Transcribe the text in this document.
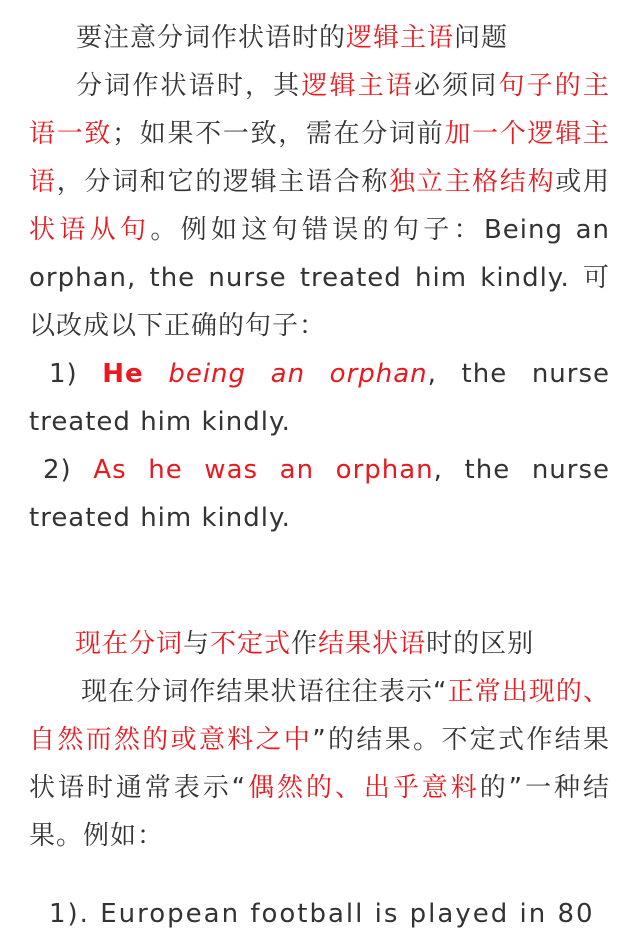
要注意分词作状语时的逻辑主语问题

分词作状语时，其逻辑主语必须同句子的主语一致；如果不一致，需在分词前加一个逻辑主语，分词和它的逻辑主语合称独立主格结构或用状语从句。例如这句错误的句子：Being an orphan, the nurse treated him kindly. 可以改成以下正确的句子：

1) He being an orphan, the nurse treated him kindly.

2) As he was an orphan, the nurse treated him kindly.

现在分词与不定式作结果状语时的区别

现在分词作结果状语往往表示“正常出现的、自然而然的或意料之中”的结果。不定式作结果状语时通常表示“偶然的、出乎意料的”一种结果。例如：

1). European football is played in 80
